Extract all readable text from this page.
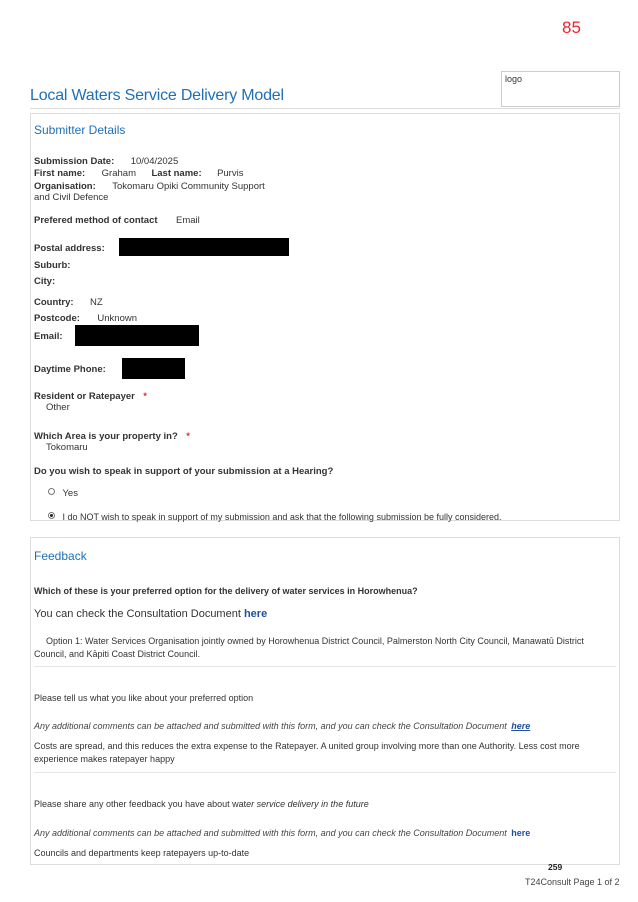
85
logo
Local Waters Service Delivery Model
Submitter Details
Submission Date: 10/04/2025
First name: Graham Last name: Purvis
Organisation: Tokomaru Opiki Community Support
and Civil Defence
Prefered method of contact Email
Postal address:
Suburb:
City:
Country: NZ
Postcode: Unknown
Email:
Daytime Phone:
Resident or Ratepayer *
Other
Which Area is your property in? *
Tokomaru
Do you wish to speak in support of your submission at a Hearing?
Yes
I do NOT wish to speak in support of my submission and ask that the following submission be fully considered.
Feedback
Which of these is your preferred option for the delivery of water services in Horowhenua?
You can check the Consultation Document here
Option 1: Water Services Organisation jointly owned by Horowhenua District Council, Palmerston North City Council, Manawatū District
Council, and Kāpiti Coast District Council.
Please tell us what you like about your preferred option
Any additional comments can be attached and submitted with this form, and you can check the Consultation Document here
Costs are spread, and this reduces the extra expense to the Ratepayer. A united group involving more than one Authority. Less cost more
experience makes ratepayer happy
Please share any other feedback you have about water service delivery in the future
Any additional comments can be attached and submitted with this form, and you can check the Consultation Document here
Councils and departments keep ratepayers up-to-date
259
T24Consult Page 1 of 2
